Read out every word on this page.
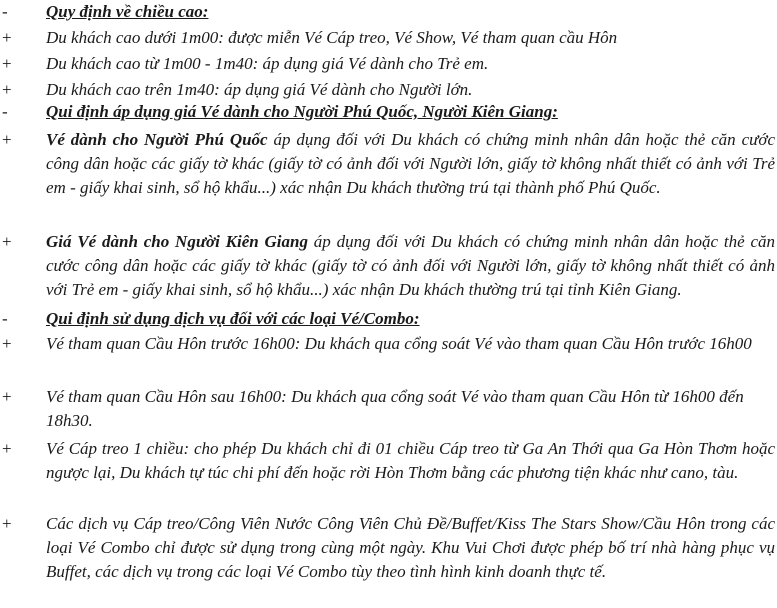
-	Quy định về chiều cao:
+	Du khách cao dưới 1m00: được miễn Vé Cáp treo, Vé Show, Vé tham quan cầu Hôn
+	Du khách cao từ 1m00 - 1m40: áp dụng giá Vé dành cho Trẻ em.
+	Du khách cao trên 1m40: áp dụng giá Vé dành cho Người lớn.
-	Qui định áp dụng giá Vé dành cho Người Phú Quốc, Người Kiên Giang:
+	Vé dành cho Người Phú Quốc áp dụng đối với Du khách có chứng minh nhân dân hoặc thẻ căn cước công dân hoặc các giấy tờ khác (giấy tờ có ảnh đối với Người lớn, giấy tờ không nhất thiết có ảnh với Trẻ em - giấy khai sinh, sổ hộ khẩu...) xác nhận Du khách thường trú tại thành phố Phú Quốc.
+	Giá Vé dành cho Người Kiên Giang áp dụng đối với Du khách có chứng minh nhân dân hoặc thẻ căn cước công dân hoặc các giấy tờ khác (giấy tờ có ảnh đối với Người lớn, giấy tờ không nhất thiết có ảnh với Trẻ em - giấy khai sinh, sổ hộ khẩu...) xác nhận Du khách thường trú tại tỉnh Kiên Giang.
-	Qui định sử dụng dịch vụ đối với các loại Vé/Combo:
+	Vé tham quan Cầu Hôn trước 16h00: Du khách qua cổng soát Vé vào tham quan Cầu Hôn trước 16h00
+	Vé tham quan Cầu Hôn sau 16h00: Du khách qua cổng soát Vé vào tham quan Cầu Hôn từ 16h00 đến 18h30.
+	Vé Cáp treo 1 chiều: cho phép Du khách chỉ đi 01 chiều Cáp treo từ Ga An Thới qua Ga Hòn Thơm hoặc ngược lại, Du khách tự túc chi phí đến hoặc rời Hòn Thơm bằng các phương tiện khác như cano, tàu.
+	Các dịch vụ Cáp treo/Công Viên Nước Công Viên Chủ Đề/Buffet/Kiss The Stars Show/Cầu Hôn trong các loại Vé Combo chỉ được sử dụng trong cùng một ngày. Khu Vui Chơi được phép bố trí nhà hàng phục vụ Buffet, các dịch vụ trong các loại Vé Combo tùy theo tình hình kinh doanh thực tế.
